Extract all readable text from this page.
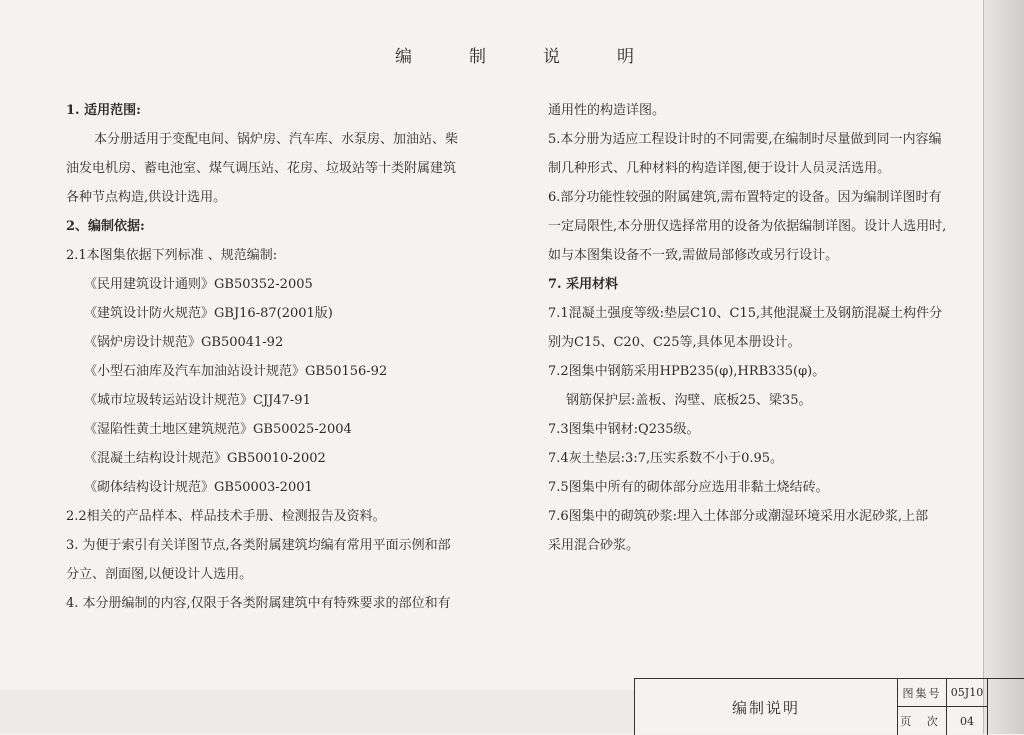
编	制	说	明
1. 适用范围:
本分册适用于变配电间、锅炉房、汽车库、水泵房、加油站、柴
油发电机房、蓄电池室、煤气调压站、花房、垃圾站等十类附属建筑
各种节点构造,供设计选用。
2、编制依据:
2.1本图集依据下列标准 、规范编制:
《民用建筑设计通则》GB50352-2005
《建筑设计防火规范》GBJ16-87(2001版)
《锅炉房设计规范》GB50041-92
《小型石油库及汽车加油站设计规范》GB50156-92
《城市垃圾转运站设计规范》CJJ47-91
《湿陷性黄土地区建筑规范》GB50025-2004
《混凝土结构设计规范》GB50010-2002
《砌体结构设计规范》GB50003-2001
2.2相关的产品样本、样品技术手册、检测报告及资料。
3. 为便于索引有关详图节点,各类附属建筑均编有常用平面示例和部
分立、剖面图,以便设计人选用。
4. 本分册编制的内容,仅限于各类附属建筑中有特殊要求的部位和有
通用性的构造详图。
5.本分册为适应工程设计时的不同需要,在编制时尽量做到同一内容编
制几种形式、几种材料的构造详图,便于设计人员灵活选用。
6.部分功能性较强的附属建筑,需布置特定的设备。因为编制详图时有
一定局限性,本分册仅选择常用的设备为依据编制详图。设计人选用时,
如与本图集设备不一致,需做局部修改或另行设计。
7. 采用材料
7.1混凝土强度等级:垫层C10、C15,其他混凝土及钢筋混凝土构件分
别为C15、C20、C25等,具体见本册设计。
7.2图集中钢筋采用HPB235(φ),HRB335(φ)。
钢筋保护层:盖板、沟壁、底板25、梁35。
7.3图集中钢材:Q235级。
7.4灰土垫层:3:7,压实系数不小于0.95。
7.5图集中所有的砌体部分应选用非黏土烧结砖。
7.6图集中的砌筑砂浆:埋入土体部分或潮湿环境采用水泥砂浆,上部
采用混合砂浆。
编制说明
图集号 05J10
页 次	04
